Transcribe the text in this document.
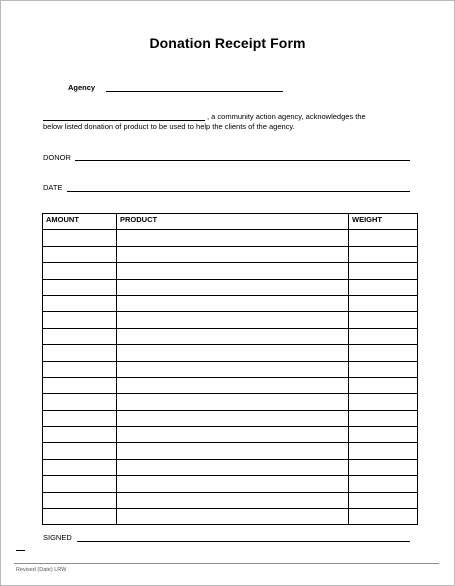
Donation Receipt Form
Agency
, a community action agency, acknowledges the
below listed donation of product to be used to help the clients of the agency.
DONOR
DATE
AMOUNT	PRODUCT	WEIGHT

SIGNED
Revised (Date) LRW
